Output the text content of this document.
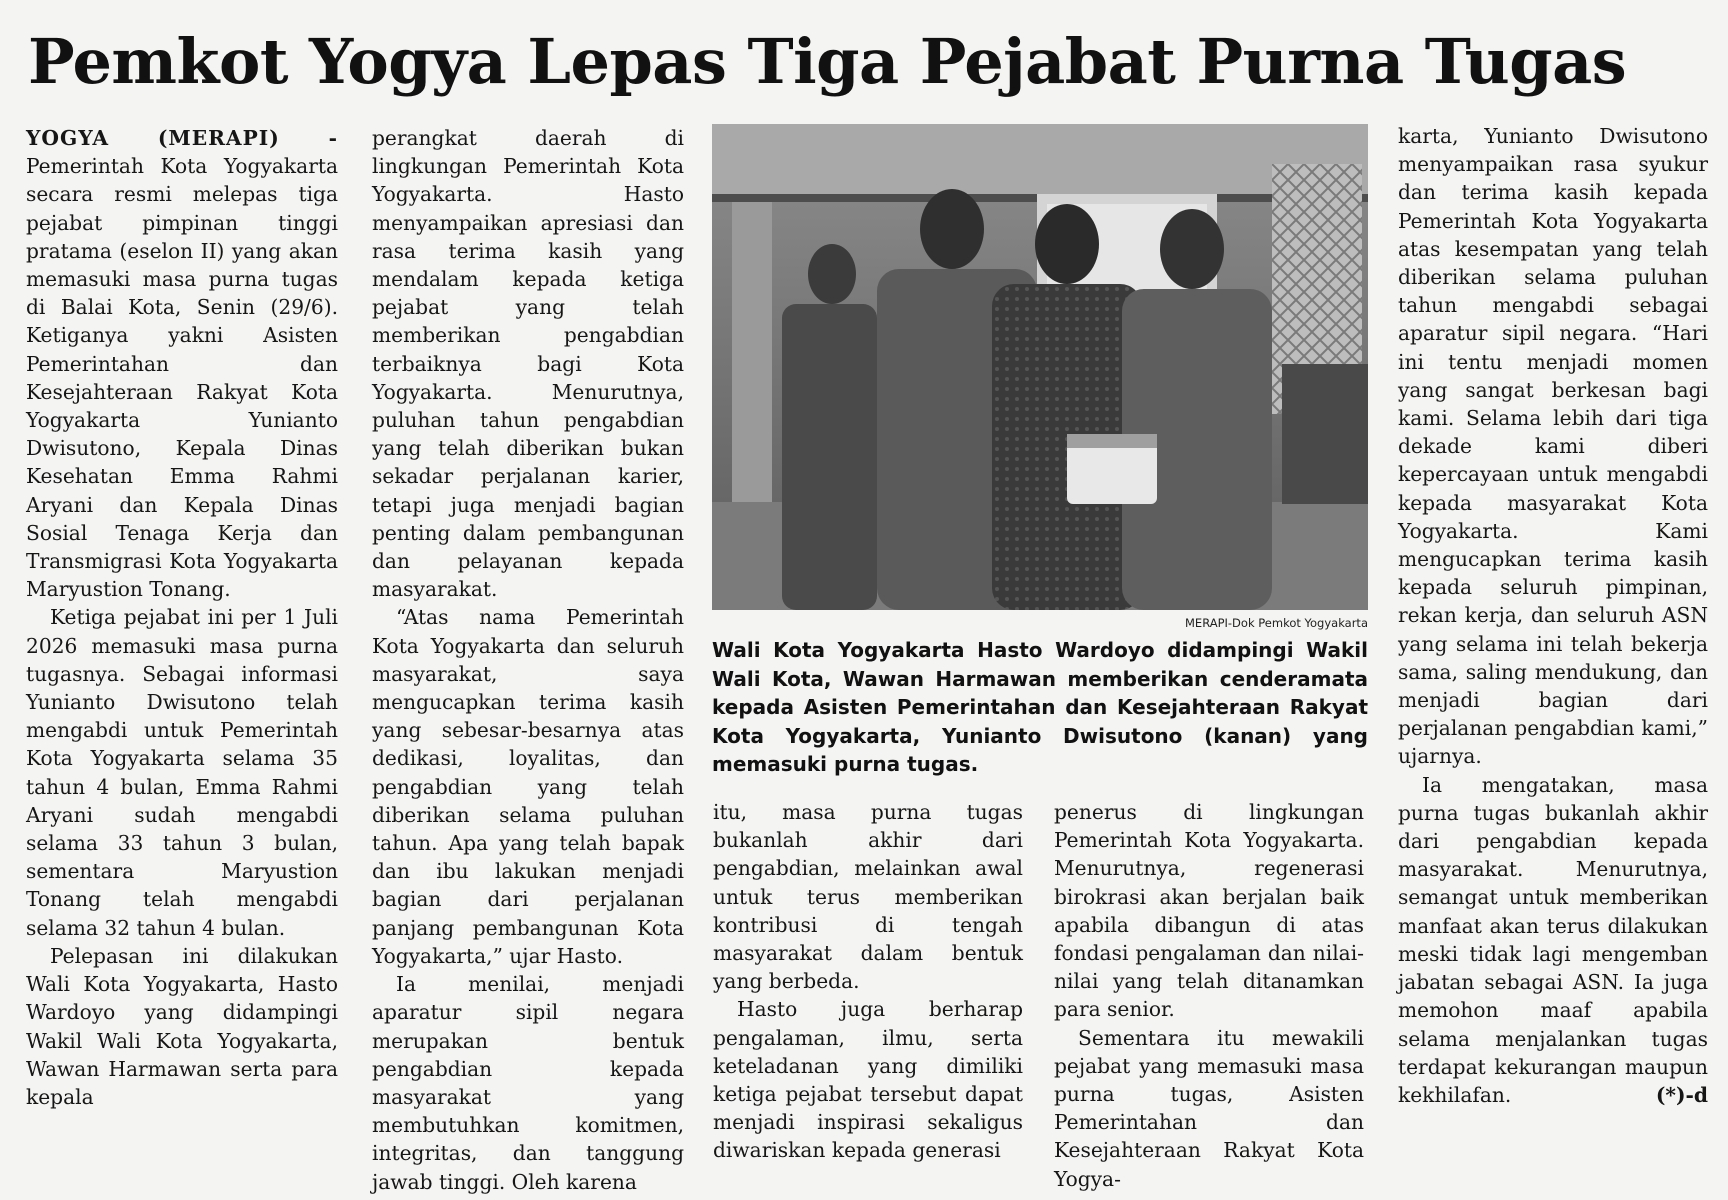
Pemkot Yogya Lepas Tiga Pejabat Purna Tugas

YOGYA (MERAPI) - Pemerintah Kota Yogyakarta secara resmi melepas tiga pejabat pimpinan tinggi pratama (eselon II) yang akan memasuki masa purna tugas di Balai Kota, Senin (29/6). Ketiganya yakni Asisten Pemerintahan dan Kesejahteraan Rakyat Kota Yogyakarta Yunianto Dwisutono, Kepala Dinas Kesehatan Emma Rahmi Aryani dan Kepala Dinas Sosial Tenaga Kerja dan Transmigrasi Kota Yogyakarta Maryustion Tonang.

Ketiga pejabat ini per 1 Juli 2026 memasuki masa purna tugasnya. Sebagai informasi Yunianto Dwisutono telah mengabdi untuk Pemerintah Kota Yogyakarta selama 35 tahun 4 bulan, Emma Rahmi Aryani sudah mengabdi selama 33 tahun 3 bulan, sementara Maryustion Tonang telah mengabdi selama 32 tahun 4 bulan.

Pelepasan ini dilakukan Wali Kota Yogyakarta, Hasto Wardoyo yang didampingi Wakil Wali Kota Yogyakarta, Wawan Harmawan serta para kepala

perangkat daerah di lingkungan Pemerintah Kota Yogyakarta. Hasto menyampaikan apresiasi dan rasa terima kasih yang mendalam kepada ketiga pejabat yang telah memberikan pengabdian terbaiknya bagi Kota Yogyakarta. Menurutnya, puluhan tahun pengabdian yang telah diberikan bukan sekadar perjalanan karier, tetapi juga menjadi bagian penting dalam pembangunan dan pelayanan kepada masyarakat.

“Atas nama Pemerintah Kota Yogyakarta dan seluruh masyarakat, saya mengucapkan terima kasih yang sebesar-besarnya atas dedikasi, loyalitas, dan pengabdian yang telah diberikan selama puluhan tahun. Apa yang telah bapak dan ibu lakukan menjadi bagian dari perjalanan panjang pembangunan Kota Yogyakarta,” ujar Hasto.

Ia menilai, menjadi aparatur sipil negara merupakan bentuk pengabdian kepada masyarakat yang membutuhkan komitmen, integritas, dan tanggung jawab tinggi. Oleh karena

MERAPI-Dok Pemkot Yogyakarta
Wali Kota Yogyakarta Hasto Wardoyo didampingi Wakil Wali Kota, Wawan Harmawan memberikan cenderamata kepada Asisten Pemerintahan dan Kesejahteraan Rakyat Kota Yogyakarta, Yunianto Dwisutono (kanan) yang memasuki purna tugas.

itu, masa purna tugas bukanlah akhir dari pengabdian, melainkan awal untuk terus memberikan kontribusi di tengah masyarakat dalam bentuk yang berbeda.

Hasto juga berharap pengalaman, ilmu, serta keteladanan yang dimiliki ketiga pejabat tersebut dapat menjadi inspirasi sekaligus diwariskan kepada generasi

penerus di lingkungan Pemerintah Kota Yogyakarta. Menurutnya, regenerasi birokrasi akan berjalan baik apabila dibangun di atas fondasi pengalaman dan nilai-nilai yang telah ditanamkan para senior.

Sementara itu mewakili pejabat yang memasuki masa purna tugas, Asisten Pemerintahan dan Kesejahteraan Rakyat Kota Yogya-

karta, Yunianto Dwisutono menyampaikan rasa syukur dan terima kasih kepada Pemerintah Kota Yogyakarta atas kesempatan yang telah diberikan selama puluhan tahun mengabdi sebagai aparatur sipil negara. “Hari ini tentu menjadi momen yang sangat berkesan bagi kami. Selama lebih dari tiga dekade kami diberi kepercayaan untuk mengabdi kepada masyarakat Kota Yogyakarta. Kami mengucapkan terima kasih kepada seluruh pimpinan, rekan kerja, dan seluruh ASN yang selama ini telah bekerja sama, saling mendukung, dan menjadi bagian dari perjalanan pengabdian kami,” ujarnya.

Ia mengatakan, masa purna tugas bukanlah akhir dari pengabdian kepada masyarakat. Menurutnya, semangat untuk memberikan manfaat akan terus dilakukan meski tidak lagi mengemban jabatan sebagai ASN. Ia juga memohon maaf apabila selama menjalankan tugas terdapat kekurangan maupun kekhilafan.	(*)-d
